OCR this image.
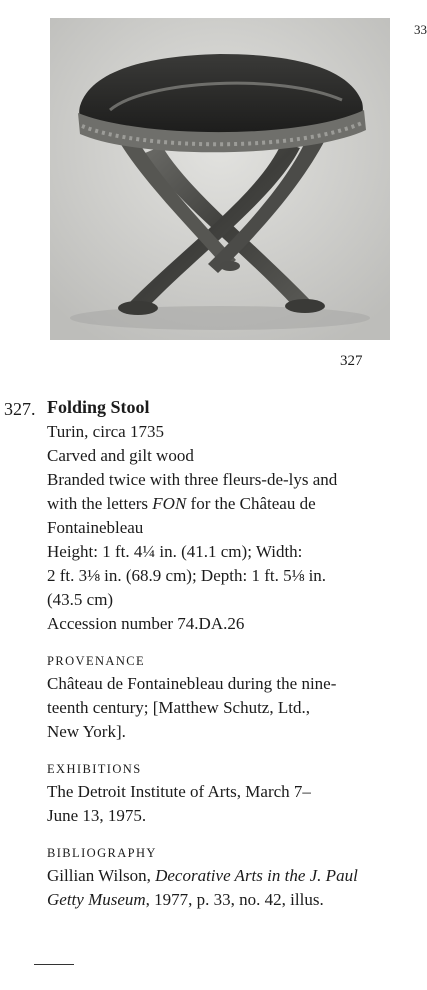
33
327
327. Folding Stool
Turin, circa 1735
Carved and gilt wood
Branded twice with three fleurs-de-lys and
with the letters FON for the Château de
Fontainebleau
Height: 1 ft. 4¼ in. (41.1 cm); Width:
2 ft. 3⅛ in. (68.9 cm); Depth: 1 ft. 5⅛ in.
(43.5 cm)
Accession number 74.DA.26
PROVENANCE
Château de Fontainebleau during the nine-
teenth century; [Matthew Schutz, Ltd.,
New York].
EXHIBITIONS
The Detroit Institute of Arts, March 7–
June 13, 1975.
BIBLIOGRAPHY
Gillian Wilson, Decorative Arts in the J. Paul
Getty Museum, 1977, p. 33, no. 42, illus.
